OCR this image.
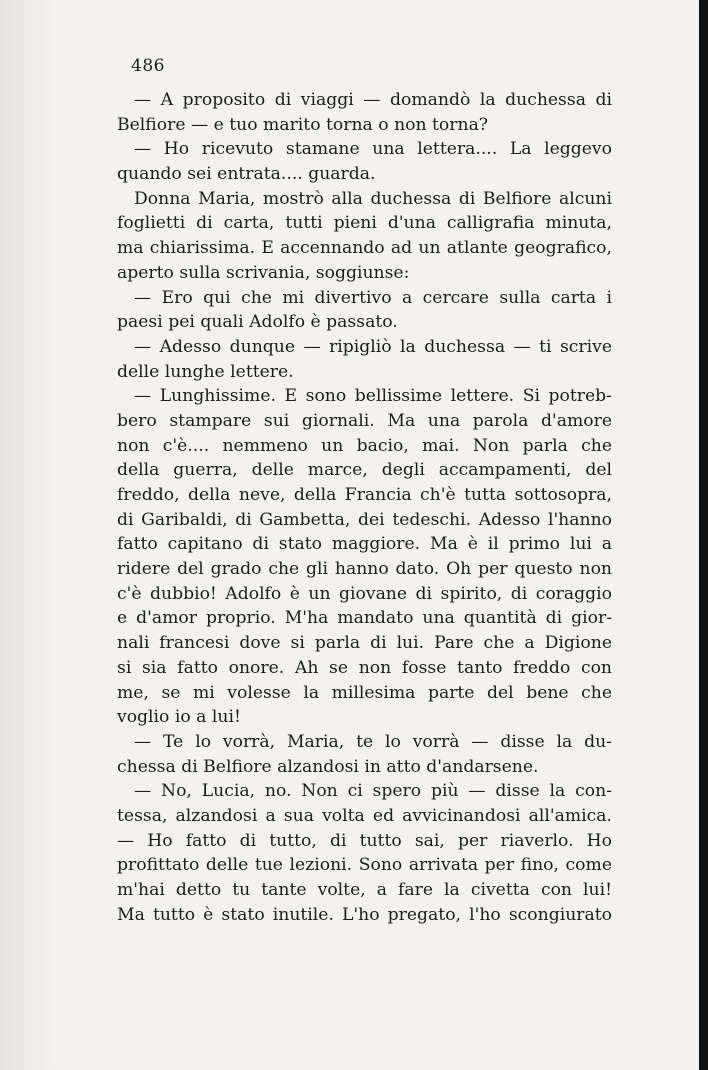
486
— A proposito di viaggi — domandò la duchessa di
Belfiore — e tuo marito torna o non torna?
— Ho ricevuto stamane una lettera.... La leggevo
quando sei entrata.... guarda.
Donna Maria, mostrò alla duchessa di Belfiore alcuni
foglietti di carta, tutti pieni d'una calligrafia minuta,
ma chiarissima. E accennando ad un atlante geografico,
aperto sulla scrivania, soggiunse:
— Ero qui che mi divertivo a cercare sulla carta i
paesi pei quali Adolfo è passato.
— Adesso dunque — ripigliò la duchessa — ti scrive
delle lunghe lettere.
— Lunghissime. E sono bellissime lettere. Si potreb-
bero stampare sui giornali. Ma una parola d'amore
non c'è.... nemmeno un bacio, mai. Non parla che
della guerra, delle marce, degli accampamenti, del
freddo, della neve, della Francia ch'è tutta sottosopra,
di Garibaldi, di Gambetta, dei tedeschi. Adesso l'hanno
fatto capitano di stato maggiore. Ma è il primo lui a
ridere del grado che gli hanno dato. Oh per questo non
c'è dubbio! Adolfo è un giovane di spirito, di coraggio
e d'amor proprio. M'ha mandato una quantità di gior-
nali francesi dove si parla di lui. Pare che a Digione
si sia fatto onore. Ah se non fosse tanto freddo con
me, se mi volesse la millesima parte del bene che
voglio io a lui!
— Te lo vorrà, Maria, te lo vorrà — disse la du-
chessa di Belfiore alzandosi in atto d'andarsene.
— No, Lucia, no. Non ci spero più — disse la con-
tessa, alzandosi a sua volta ed avvicinandosi all'amica.
— Ho fatto di tutto, di tutto sai, per riaverlo. Ho
profittato delle tue lezioni. Sono arrivata per fino, come
m'hai detto tu tante volte, a fare la civetta con lui!
Ma tutto è stato inutile. L'ho pregato, l'ho scongiurato
